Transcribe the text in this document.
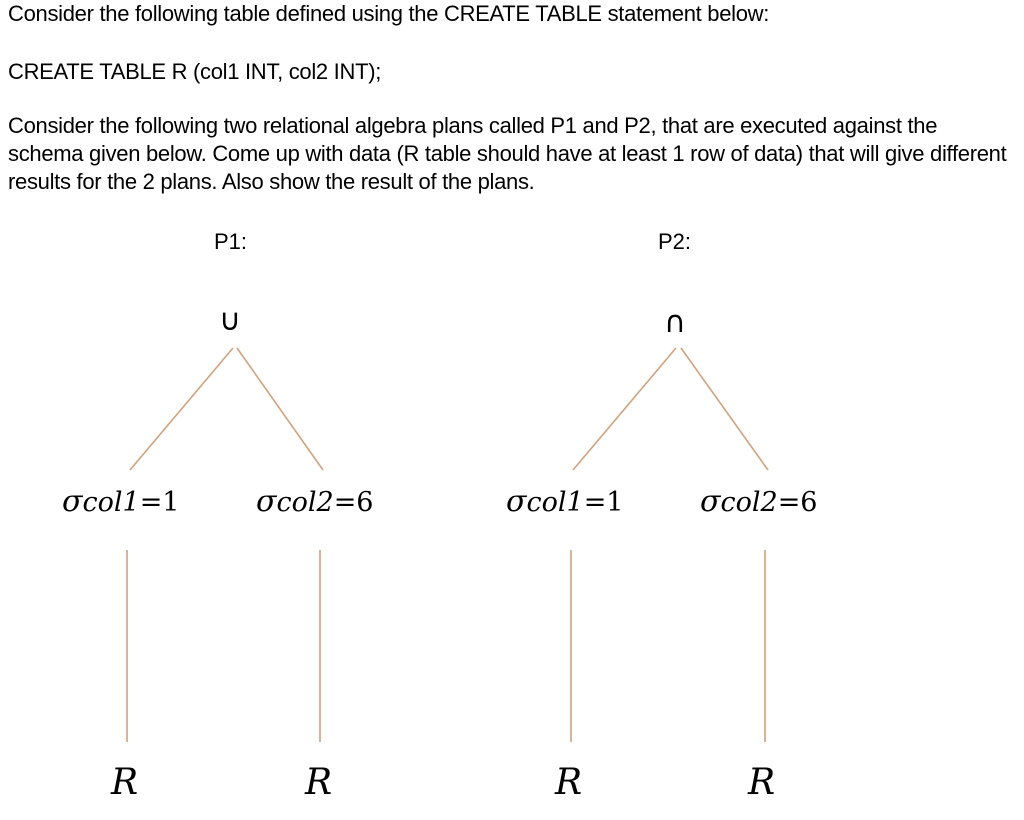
Consider the following table defined using the CREATE TABLE statement below:

CREATE TABLE R (col1 INT, col2 INT);

Consider the following two relational algebra plans called P1 and P2, that are executed against the schema given below. Come up with data (R table should have at least 1 row of data) that will give different results for the 2 plans. Also show the result of the plans.

P1:
∪
σcol1=1	σcol2=6
R	R
P2:
∩
σcol1=1	σcol2=6
R	R
